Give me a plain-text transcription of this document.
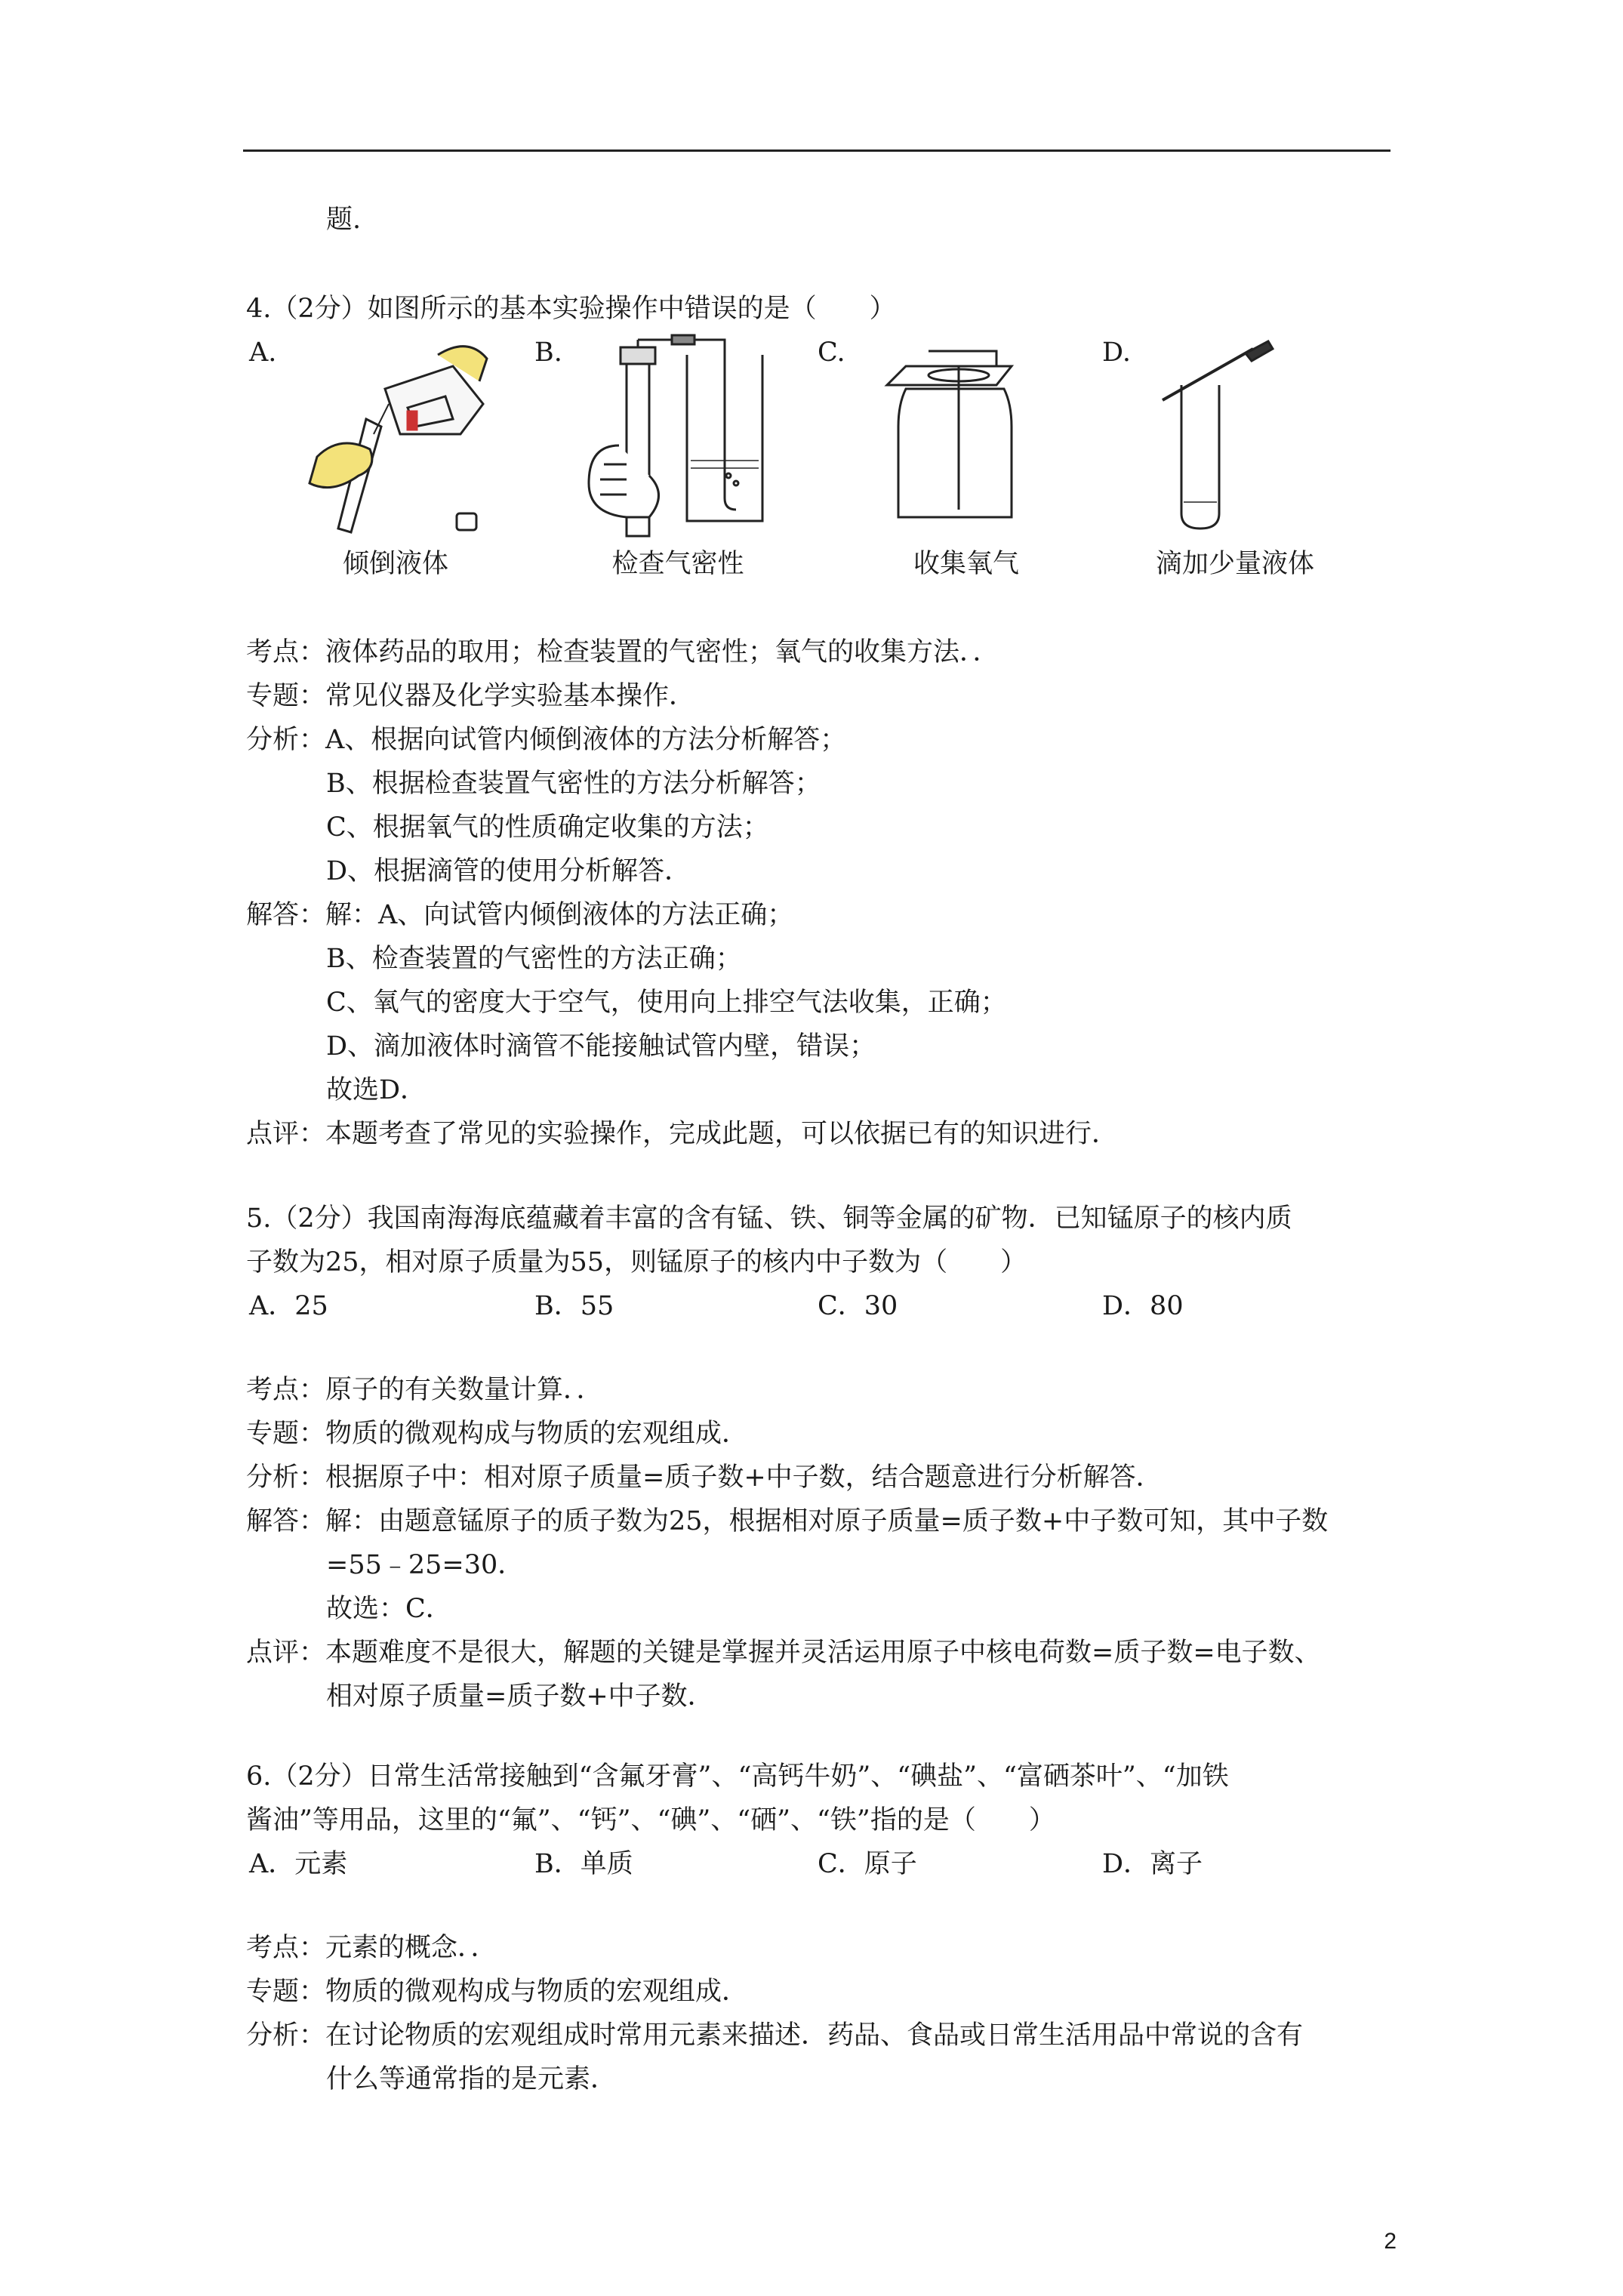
题.
4.（2分）如图所示的基本实验操作中错误的是（　　）
A.	B.	C.	D.
倾倒液体	检查气密性	收集氧气	滴加少量液体
考点：液体药品的取用；检查装置的气密性；氧气的收集方法．．
专题：常见仪器及化学实验基本操作．
分析：A、根据向试管内倾倒液体的方法分析解答；
B、根据检查装置气密性的方法分析解答；
C、根据氧气的性质确定收集的方法；
D、根据滴管的使用分析解答．
解答：解：A、向试管内倾倒液体的方法正确；
B、检查装置的气密性的方法正确；
C、氧气的密度大于空气，使用向上排空气法收集，正确；
D、滴加液体时滴管不能接触试管内壁，错误；
故选D．
点评：本题考查了常见的实验操作，完成此题，可以依据已有的知识进行．
5.（2分）我国南海海底蕴藏着丰富的含有锰、铁、铜等金属的矿物．已知锰原子的核内质
子数为25，相对原子质量为55，则锰原子的核内中子数为（　　）
A．25	B．55	C．30	D．80
考点：原子的有关数量计算．．
专题：物质的微观构成与物质的宏观组成．
分析：根据原子中：相对原子质量=质子数+中子数，结合题意进行分析解答．
解答：解：由题意锰原子的质子数为25，根据相对原子质量=质子数+中子数可知，其中子数
=55﹣25=30．
故选：C．
点评：本题难度不是很大，解题的关键是掌握并灵活运用原子中核电荷数=质子数=电子数、
相对原子质量=质子数+中子数．
6.（2分）日常生活常接触到“含氟牙膏”、“高钙牛奶”、“碘盐”、“富硒茶叶”、“加铁
酱油”等用品，这里的“氟”、“钙”、“碘”、“硒”、“铁”指的是（　　）
A．元素	B．单质	C．原子	D．离子
考点：元素的概念．．
专题：物质的微观构成与物质的宏观组成．
分析：在讨论物质的宏观组成时常用元素来描述．药品、食品或日常生活用品中常说的含有
什么等通常指的是元素．
2
